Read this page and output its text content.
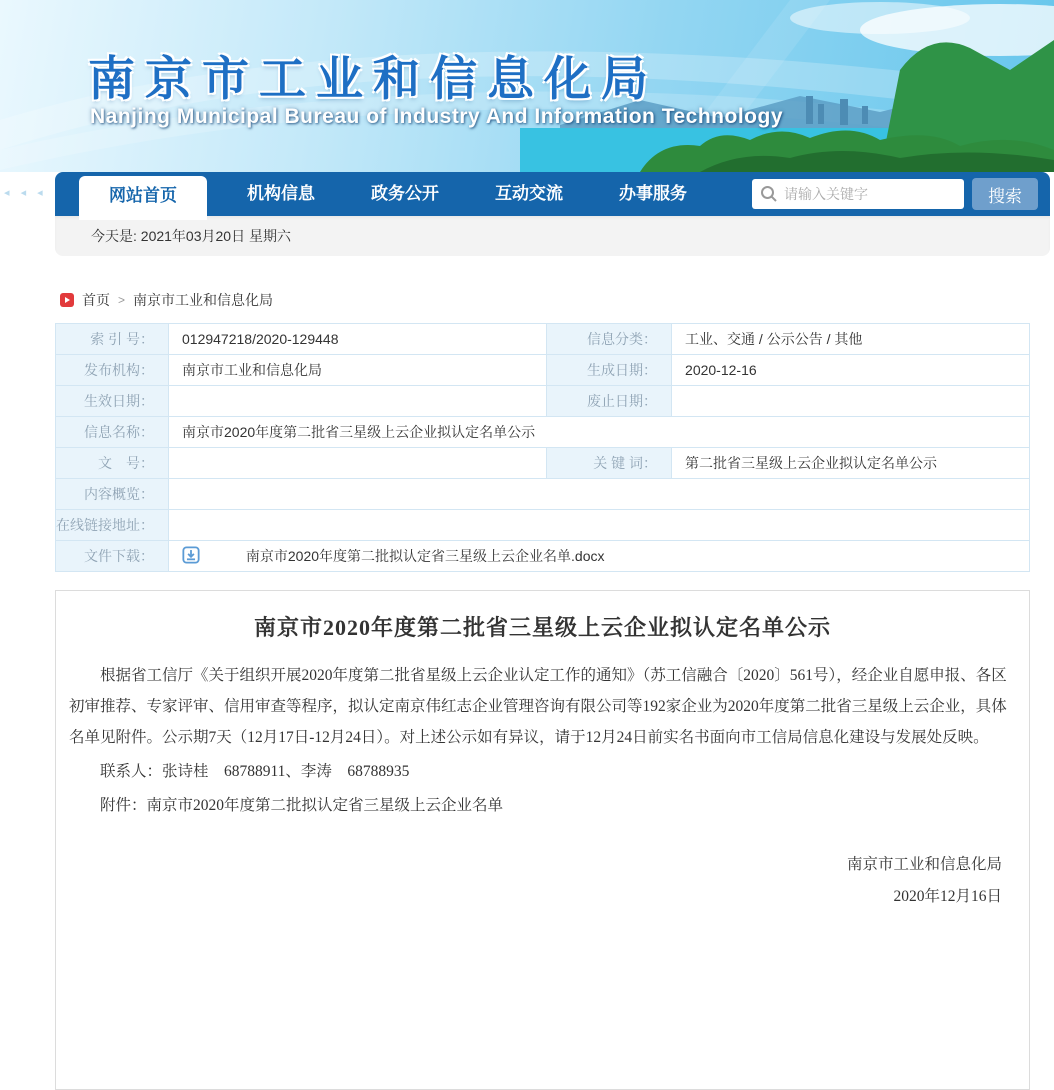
南京市工业和信息化局
Nanjing Municipal Bureau of Industry And Information Technology
◂ ◂ ◂	网站首页	机构信息	政务公开	互动交流	办事服务
请输入关键字	搜索
今天是: 2021年03月20日 星期六
首页 > 南京市工业和信息化局
索 引 号：	012947218/2020-129448	信息分类：	工业、交通 / 公示公告 / 其他
发布机构：	南京市工业和信息化局	生成日期：	2020-12-16
生效日期：		废止日期：	
信息名称：	南京市2020年度第二批省三星级上云企业拟认定名单公示		
文　号：		关 键 词：	第二批省三星级上云企业拟认定名单公示
内容概览：			
在线链接地址：			
文件下载：	南京市2020年度第二批拟认定省三星级上云企业名单.docx		
南京市2020年度第二批省三星级上云企业拟认定名单公示

根据省工信厅《关于组织开展2020年度第二批省星级上云企业认定工作的通知》（苏工信融合〔2020〕561号），经企业自愿申报、各区初审推荐、专家评审、信用审查等程序，拟认定南京伟红志企业管理咨询有限公司等192家企业为2020年度第二批省三星级上云企业，具体名单见附件。公示期7天（12月17日-12月24日）。对上述公示如有异议，请于12月24日前实名书面向市工信局信息化建设与发展处反映。

联系人：张诗桂　68788911、李涛　68788935

附件：南京市2020年度第二批拟认定省三星级上云企业名单

南京市工业和信息化局

2020年12月16日
